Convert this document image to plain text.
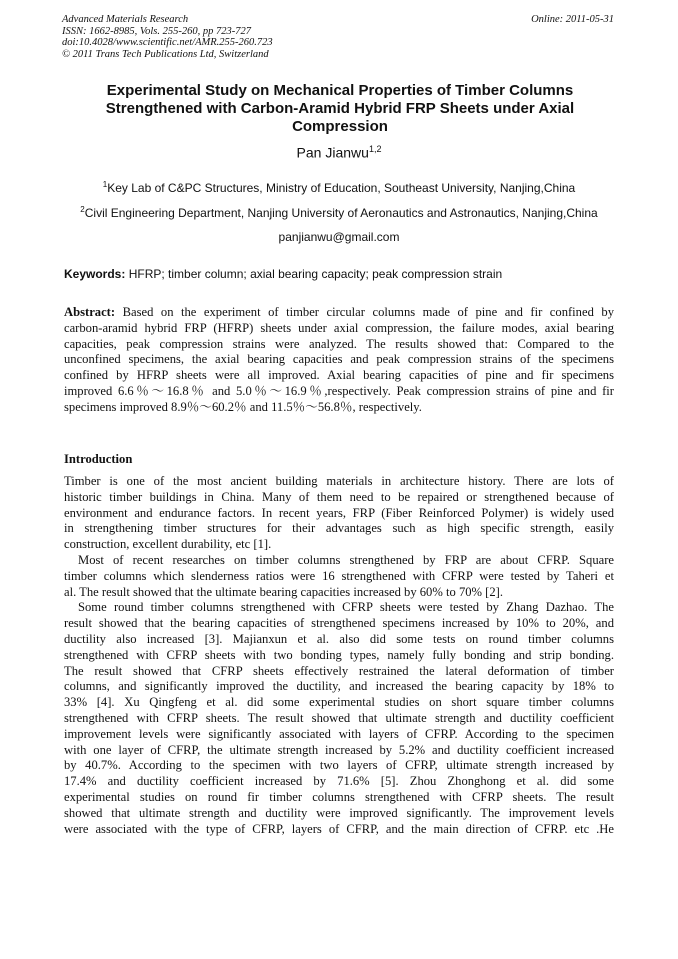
Advanced Materials Research
ISSN: 1662-8985, Vols. 255-260, pp 723-727
doi:10.4028/www.scientific.net/AMR.255-260.723
© 2011 Trans Tech Publications Ltd, Switzerland
Online: 2011-05-31
Experimental Study on Mechanical Properties of Timber Columns
Strengthened with Carbon-Aramid Hybrid FRP Sheets under Axial
Compression
Pan Jianwu$^{1,2}$
$^1$Key Lab of C&PC Structures, Ministry of Education, Southeast University, Nanjing,China
$^2$Civil Engineering Department, Nanjing University of Aeronautics and Astronautics, Nanjing,China
panjianwu@gmail.com
Keywords: HFRP; timber column; axial bearing capacity; peak compression strain
Abstract: Based on the experiment of timber circular columns made of pine and fir confined by
carbon-aramid hybrid FRP (HFRP) sheets under axial compression, the failure modes, axial bearing
capacities, peak compression strains were analyzed. The results showed that: Compared to the
unconfined specimens, the axial bearing capacities and peak compression strains of the specimens
confined by HFRP sheets were all improved. Axial bearing capacities of pine and fir specimens
improved 6.6％～16.8％ and 5.0％～16.9％,respectively. Peak compression strains of pine and fir
specimens improved 8.9％～60.2％ and 11.5％～56.8％, respectively.
Introduction
Timber is one of the most ancient building materials in architecture history. There are lots of
historic timber buildings in China. Many of them need to be repaired or strengthened because of
environment and endurance factors. In recent years, FRP (Fiber Reinforced Polymer) is widely used
in strengthening timber structures for their advantages such as high specific strength, easily
construction, excellent durability, etc [1].
Most of recent researches on timber columns strengthened by FRP are about CFRP. Square
timber columns which slenderness ratios were 16 strengthened with CFRP were tested by Taheri et
al. The result showed that the ultimate bearing capacities increased by 60% to 70% [2].
Some round timber columns strengthened with CFRP sheets were tested by Zhang Dazhao. The
result showed that the bearing capacities of strengthened specimens increased by 10% to 20%, and
ductility also increased [3]. Majianxun et al. also did some tests on round timber columns
strengthened with CFRP sheets with two bonding types, namely fully bonding and strip bonding.
The result showed that CFRP sheets effectively restrained the lateral deformation of timber
columns, and significantly improved the ductility, and increased the bearing capacity by 18% to
33% [4]. Xu Qingfeng et al. did some experimental studies on short square timber columns
strengthened with CFRP sheets. The result showed that ultimate strength and ductility coefficient
improvement levels were significantly associated with layers of CFRP. According to the specimen
with one layer of CFRP, the ultimate strength increased by 5.2% and ductility coefficient increased
by 40.7%. According to the specimen with two layers of CFRP, ultimate strength increased by
17.4% and ductility coefficient increased by 71.6% [5]. Zhou Zhonghong et al. did some
experimental studies on round fir timber columns strengthened with CFRP sheets. The result
showed that ultimate strength and ductility were improved significantly. The improvement levels
were associated with the type of CFRP, layers of CFRP, and the main direction of CFRP. etc .He
